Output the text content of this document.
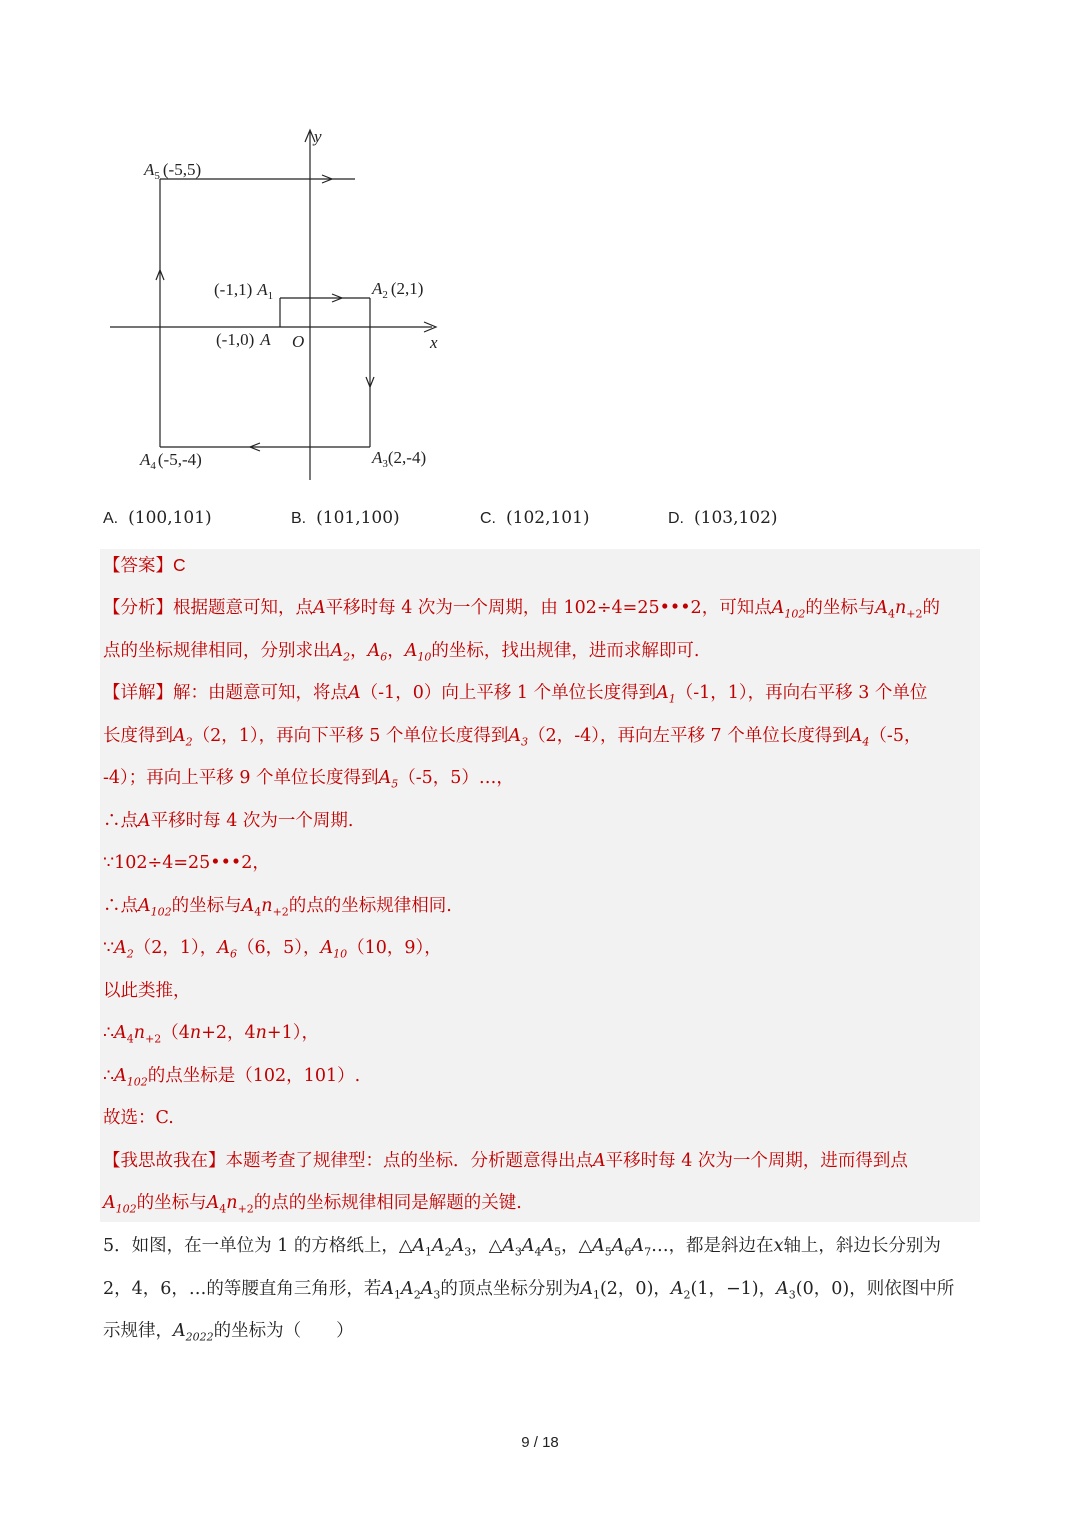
y
x
O
$A_5$ (-5,5)
(-1,1) $A_1$	$A_2$ (2,1)
(-1,0) A
$A_4$ (-5,-4)	$A_3(2,-4)$
A. (100,101)	B. (101,100)	C. (102,101)	D. (103,102)
【答案】C
【分析】根据题意可知，点A平移时每 4 次为一个周期，由 102÷4=25•••2，可知点$A_{102}$的坐标与$A_4n_{+2}$的
点的坐标规律相同，分别求出$A_2$，$A_6$，$A_{10}$的坐标，找出规律，进而求解即可.
【详解】解：由题意可知，将点A（-1，0）向上平移 1 个单位长度得到$A_1(-1$，1），再向右平移 3 个单位
长度得到$A_2(2$，1），再向下平移 5 个单位长度得到$A_3(2$，-4），再向左平移 7 个单位长度得到$A_4(-5$，
-4）；再向上平移 9 个单位长度得到$A_5(-5$，5）…，
∴点A平移时每 4 次为一个周期.
∵102÷4=25•••2，
∴点$A_{102}$的坐标与$A_4n_{+2}$的点的坐标规律相同.
$\because A_2(2$，1），$A_6(6$，5），$A_{10}(10$，9），
以此类推，
$\therefore A_4n_{+2}(4n+2$，4n+1），
$\therefore A_{102}$的点坐标是（102，101）.
故选：C.
【我思故我在】本题考查了规律型：点的坐标．分析题意得出点A平移时每 4 次为一个周期，进而得到点
$A_{102}$的坐标与$A_4n_{+2}$的点的坐标规律相同是解题的关键.
5．如图，在一单位为 1 的方格纸上，$\triangle A_1A_2A_3$，$\triangle A_3A_4A_5$，$\triangle A_5A_6A_7\dots$，都是斜边在x轴上，斜边长分别为
2，4，6，…的等腰直角三角形，若$A_1A_2A_3$的顶点坐标分别为$A_1(2$，0)，$A_2(1$，−1)，$A_3(0$，0)，则依图中所
示规律，$A_{2022}$的坐标为（　　）
9 / 18
